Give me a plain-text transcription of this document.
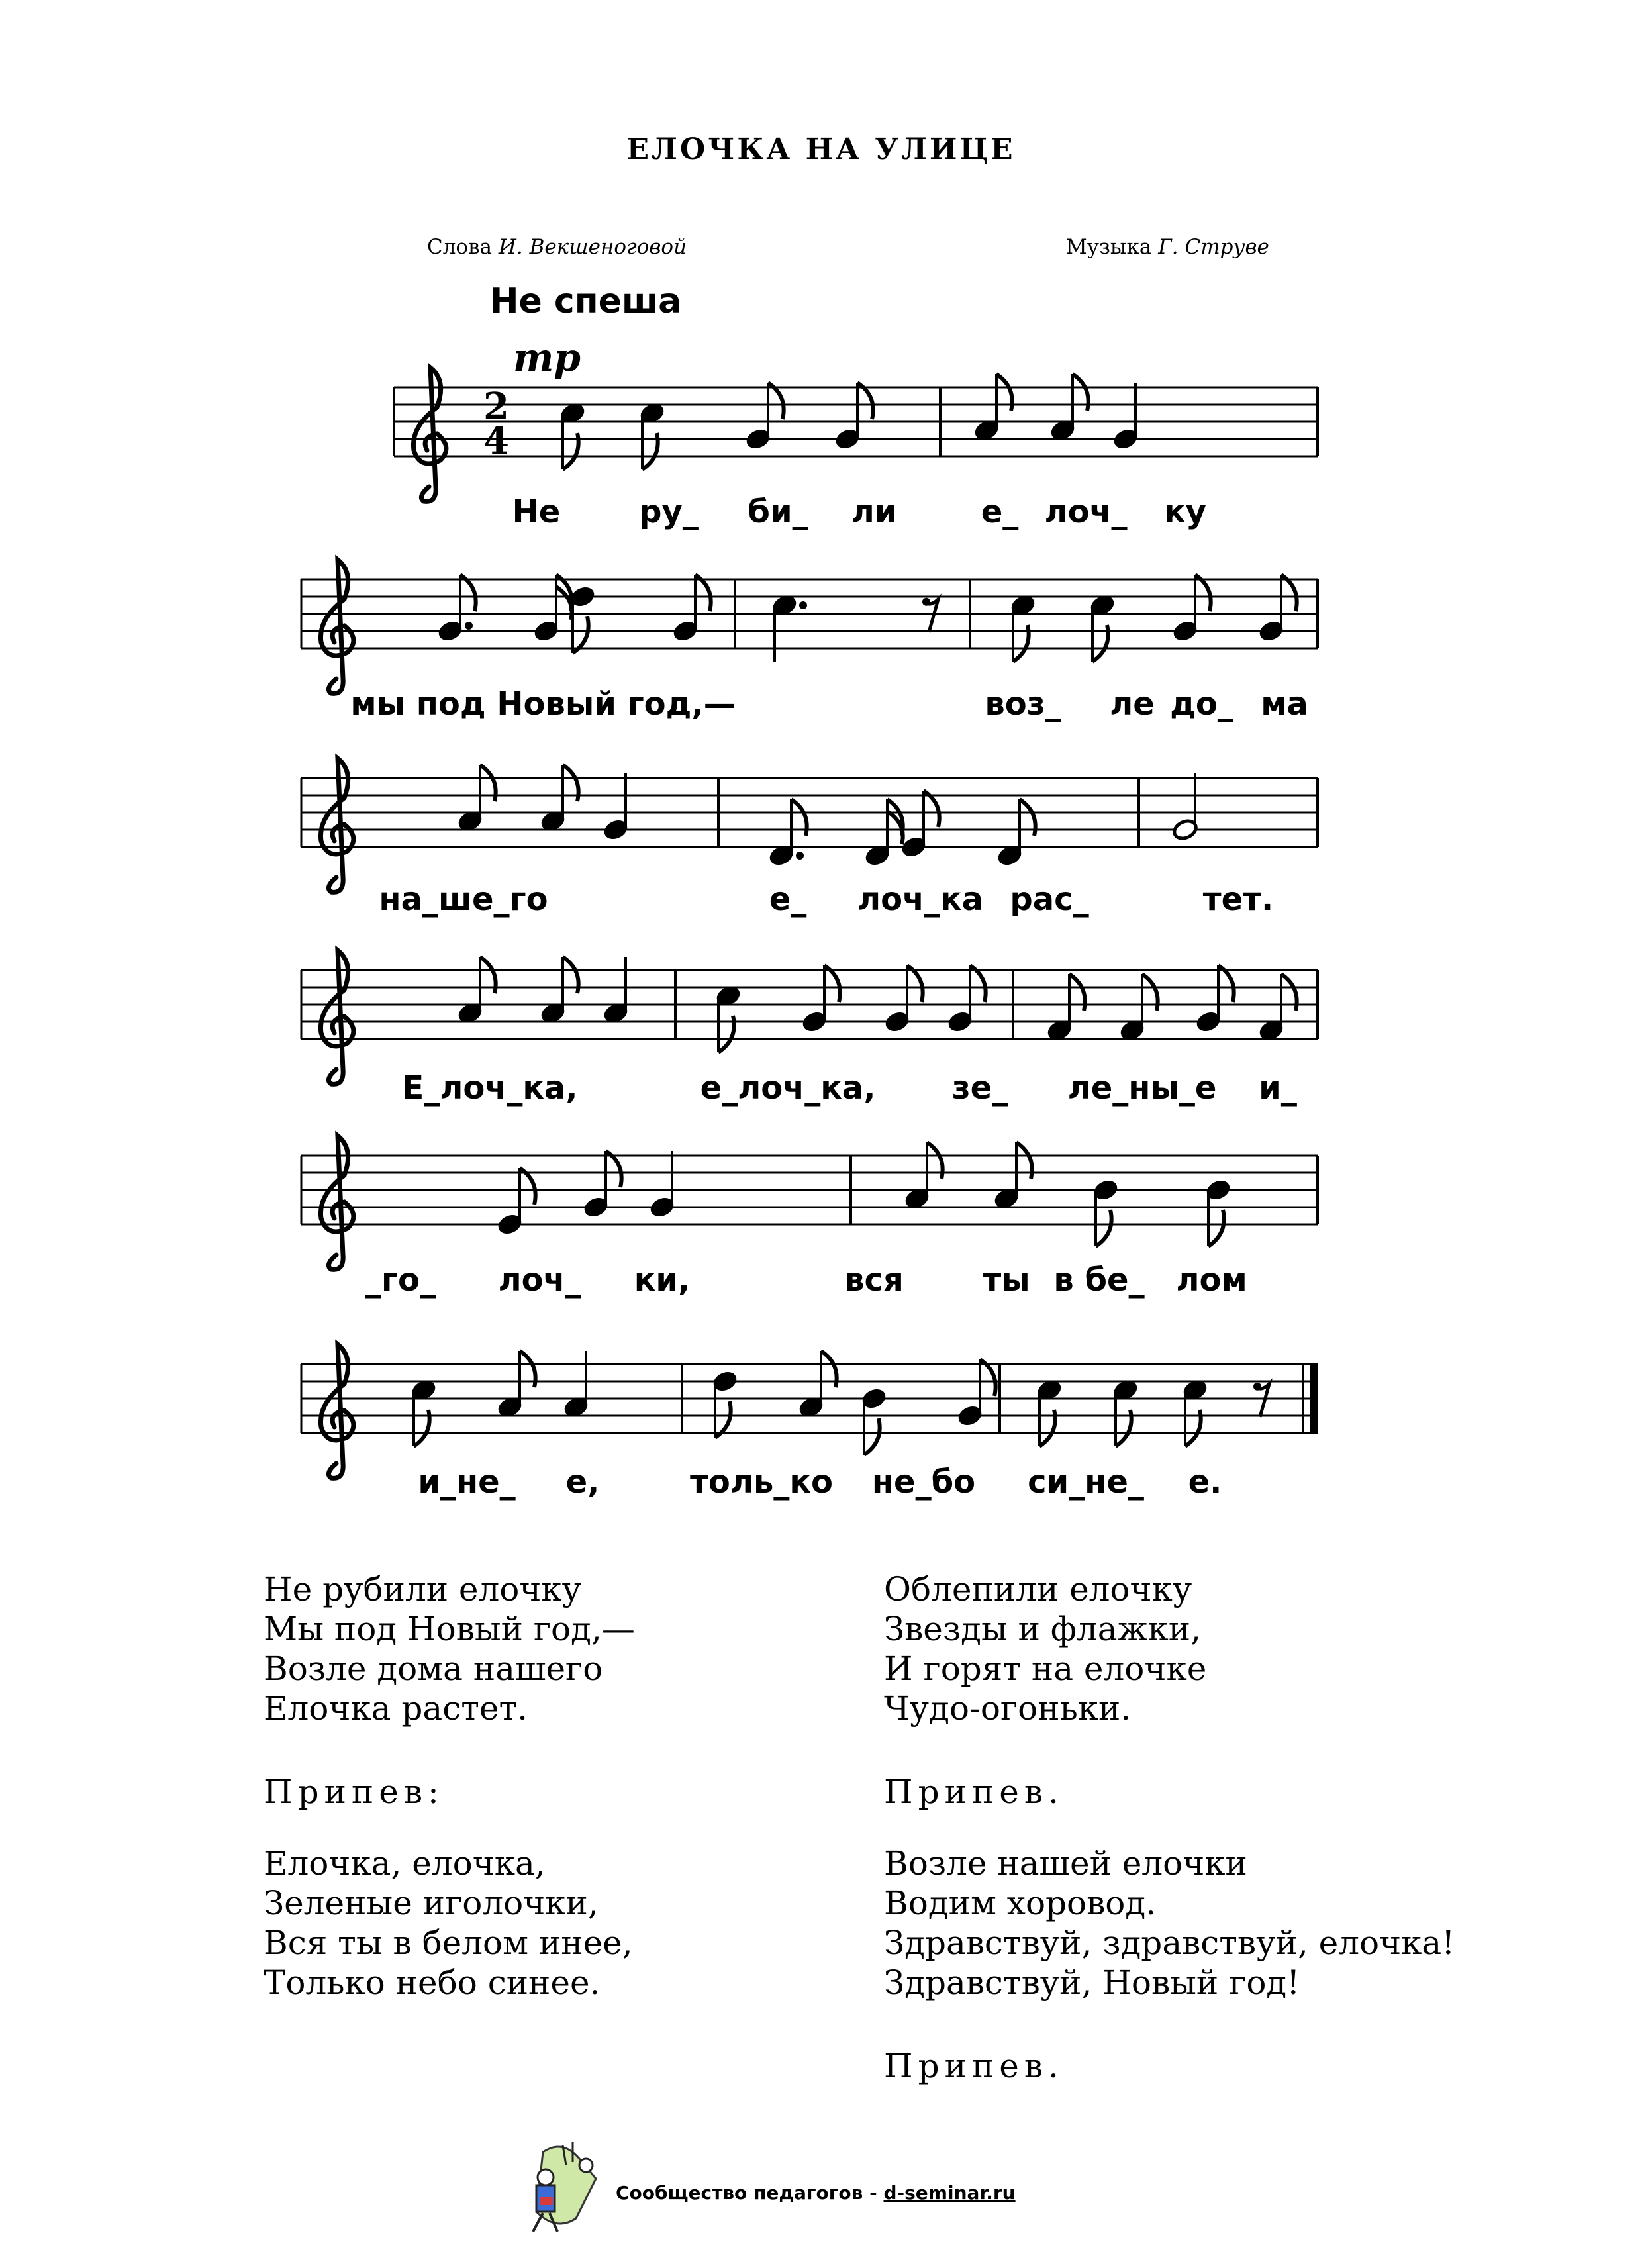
ЕЛОЧКА НА УЛИЦЕ
Слова И. Векшеноговой	Музыка Г. Струве
Не спеша
2
4
mp
Не ру_ би_ ли	е_ лоч_ ку
мы под Новый год,—	воз_ ле до_ ма
на_ше_го	е_ лоч_ка рас_	тет.
Е_лоч_ка,	е_лоч_ка, зе_ ле_ны_е и_
_го_ лоч_ ки,	вся ты в бе_ лом
и_не_ е,	толь_ко не_бо си_не_ е.
Не рубили елочку
Мы под Новый год,—
Возле дома нашего
Елочка растет.
Припев:
Елочка, елочка,
Зеленые иголочки,
Вся ты в белом инее,
Только небо синее.
Облепили елочку
Звезды и флажки,
И горят на елочке
Чудо-огоньки.
Припев.
Возле нашей елочки
Водим хоровод.
Здравствуй, здравствуй, елочка!
Здравствуй, Новый год!
Припев.
Сообщество педагогов - d-seminar.ru
